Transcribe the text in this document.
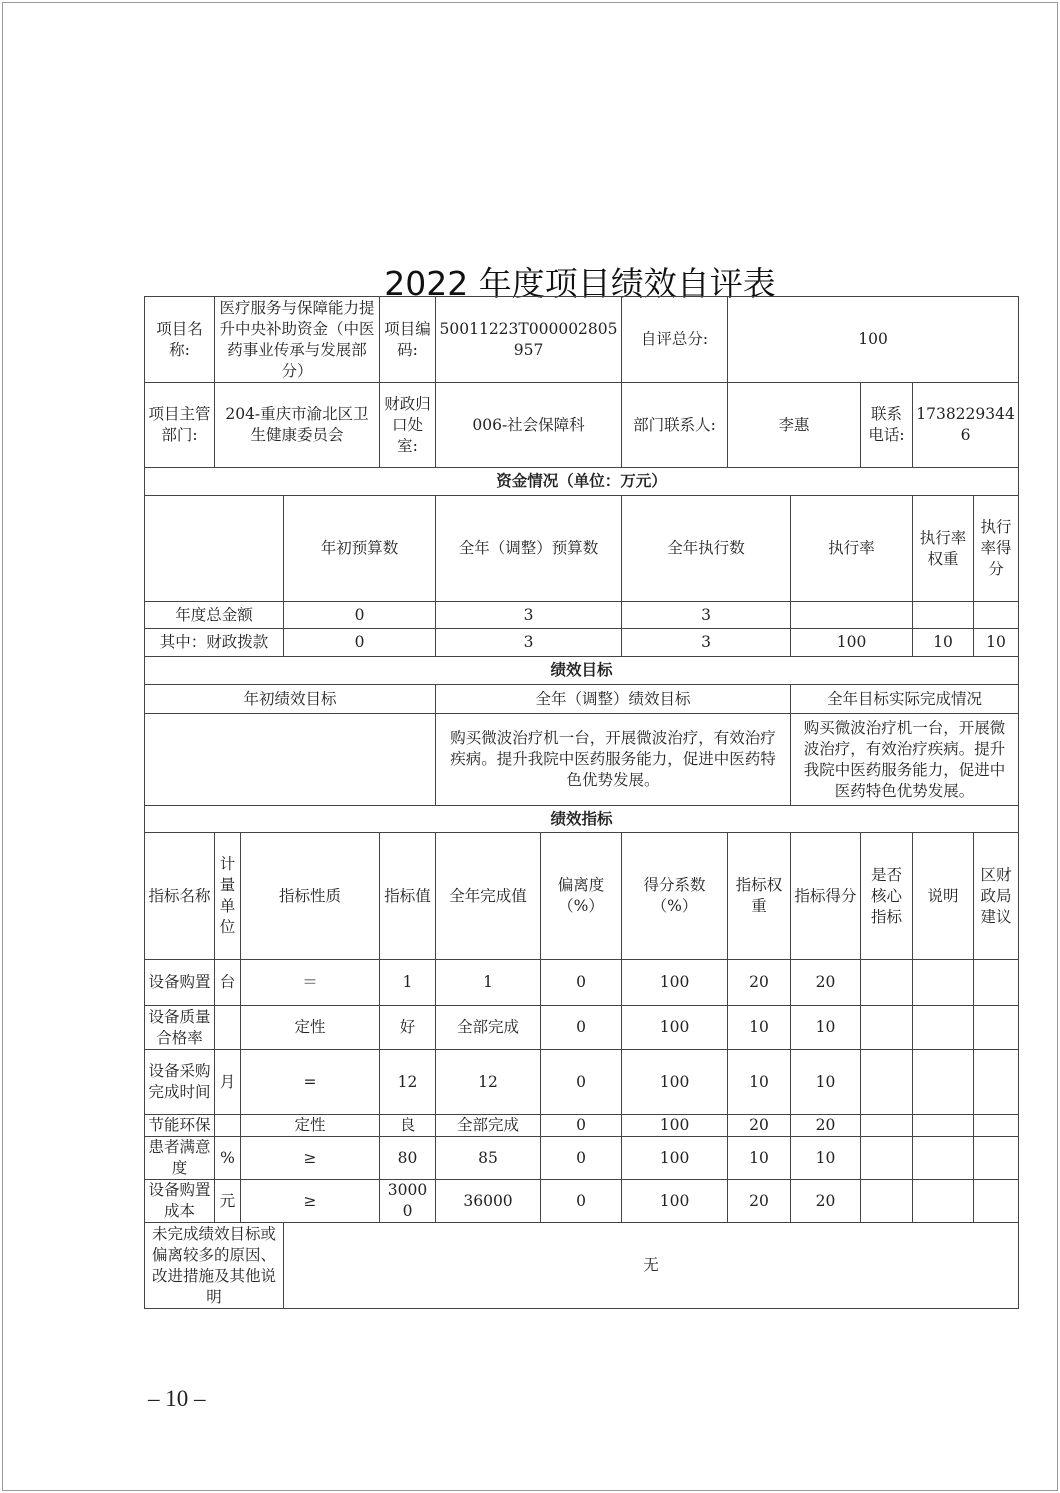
2022 年度项目绩效自评表
项目名称:	医疗服务与保障能力提升中央补助资金（中医药事业传承与发展部分）			项目编码:	50011223T000002805957		自评总分:	100				
项目主管部门:	204-重庆市渝北区卫生健康委员会			财政归口处室:	006-社会保障科		部门联系人:	李惠		联系电话:	17382293446	
资金情况（单位：万元）												
			年初预算数		全年（调整）预算数		全年执行数		执行率		执行率权重	执行率得分
年度总金额			0		3		3					
其中：财政拨款			0		3		3		100		10	10
绩效目标												
年初绩效目标					全年（调整）绩效目标				全年目标实际完成情况			
					购买微波治疗机一台，开展微波治疗，有效治疗疾病。提升我院中医药服务能力，促进中医药特色优势发展。				购买微波治疗机一台，开展微波治疗，有效治疗疾病。提升我院中医药服务能力，促进中医药特色优势发展。			
绩效指标												
指标名称	计量单位	指标性质		指标值	全年完成值	偏离度（%）	得分系数（%）	指标权重	指标得分	是否核心指标	说明	区财政局建议
设备购置	台	＝		1	1	0	100	20	20			
设备质量合格率		定性		好	全部完成	0	100	10	10			
设备采购完成时间	月	=		12	12	0	100	10	10			
节能环保		定性		良	全部完成	0	100	20	20			
患者满意度	%	≥		80	85	0	100	10	10			
设备购置成本	元	≥		30000	36000	0	100	20	20			
未完成绩效目标或偏离较多的原因、改进措施及其他说明			无									
– 10 –
